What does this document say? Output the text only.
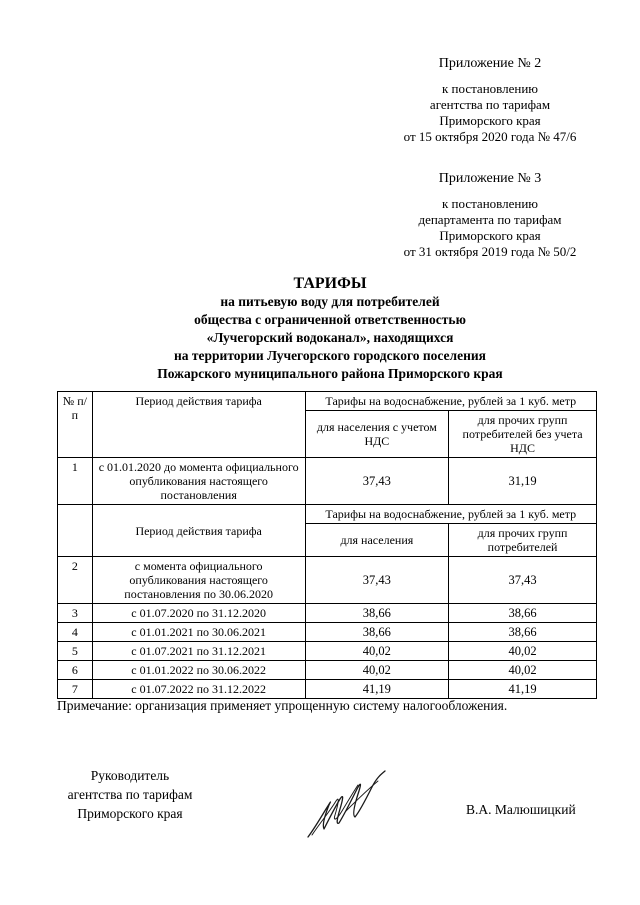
Приложение № 2
к постановлению
агентства по тарифам
Приморского края
от 15 октября 2020 года № 47/6
Приложение № 3
к постановлению
департамента по тарифам
Приморского края
от 31 октября 2019 года № 50/2
ТАРИФЫ
на питьевую воду для потребителей
общества с ограниченной ответственностью
«Лучегорский водоканал», находящихся
на территории Лучегорского городского поселения
Пожарского муниципального района Приморского края
№ п/п	Период действия тарифа	Тарифы на водоснабжение, рублей за 1 куб. метр	
		для населения с учетом НДС	для прочих групп потребителей без учета НДС
1	с 01.01.2020 до момента официального опубликования настоящего постановления	37,43	31,19
	Период действия тарифа	Тарифы на водоснабжение, рублей за 1 куб. метр	
		для населения	для прочих групп потребителей
2	с момента официального опубликования настоящего постановления по 30.06.2020	37,43	37,43
3	с 01.07.2020 по 31.12.2020	38,66	38,66
4	с 01.01.2021 по 30.06.2021	38,66	38,66
5	с 01.07.2021 по 31.12.2021	40,02	40,02
6	с 01.01.2022 по 30.06.2022	40,02	40,02
7	с 01.07.2022 по 31.12.2022	41,19	41,19
Примечание: организация применяет упрощенную систему налогообложения.
Руководитель
агентства по тарифам
Приморского края	В.А. Малюшицкий
